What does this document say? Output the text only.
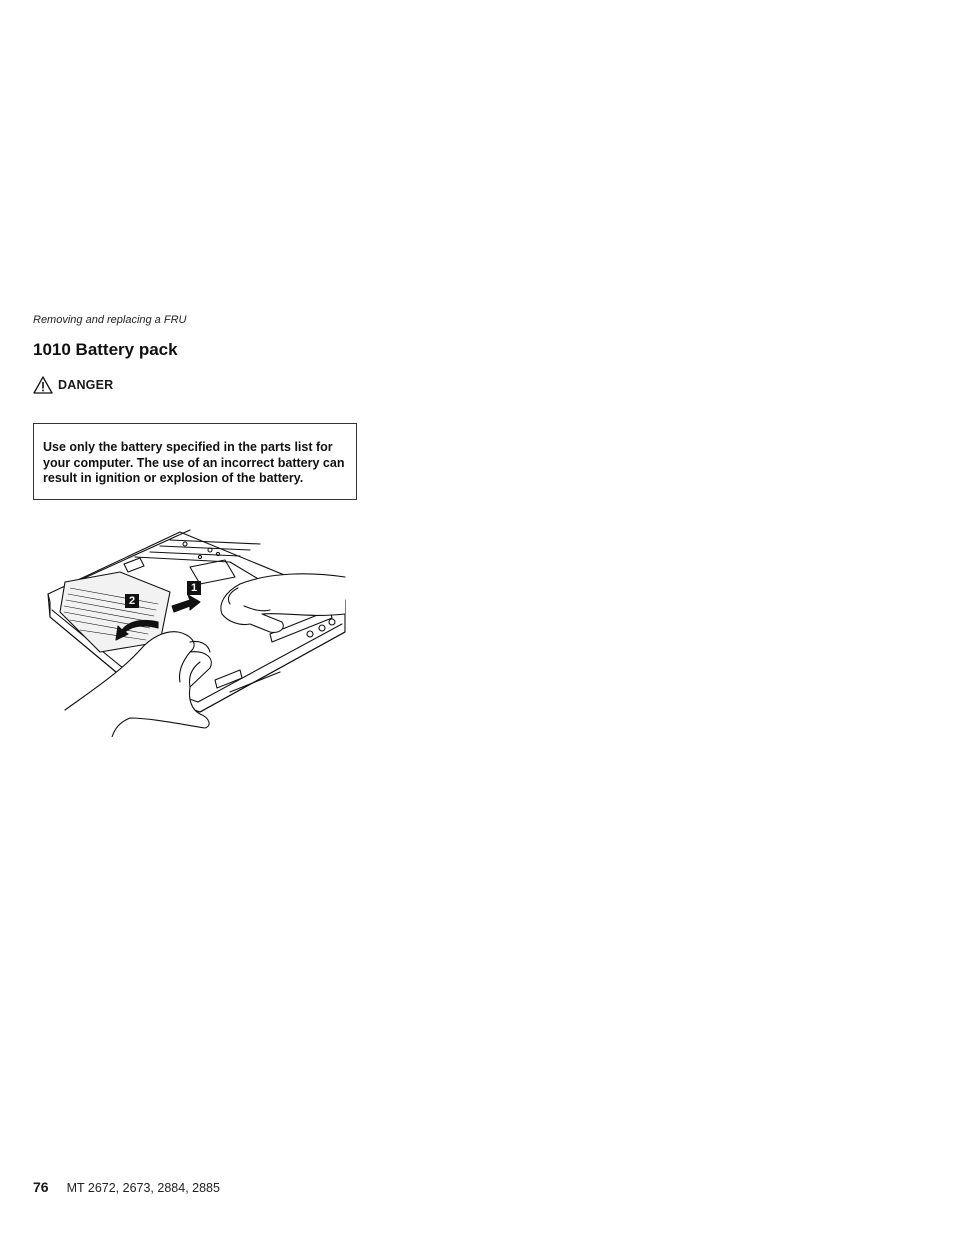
Removing and replacing a FRU
1010 Battery pack
DANGER

Use only the battery specified in the parts list for your computer. The use of an incorrect battery can result in ignition or explosion of the battery.

1
2
76 MT 2672, 2673, 2884, 2885
